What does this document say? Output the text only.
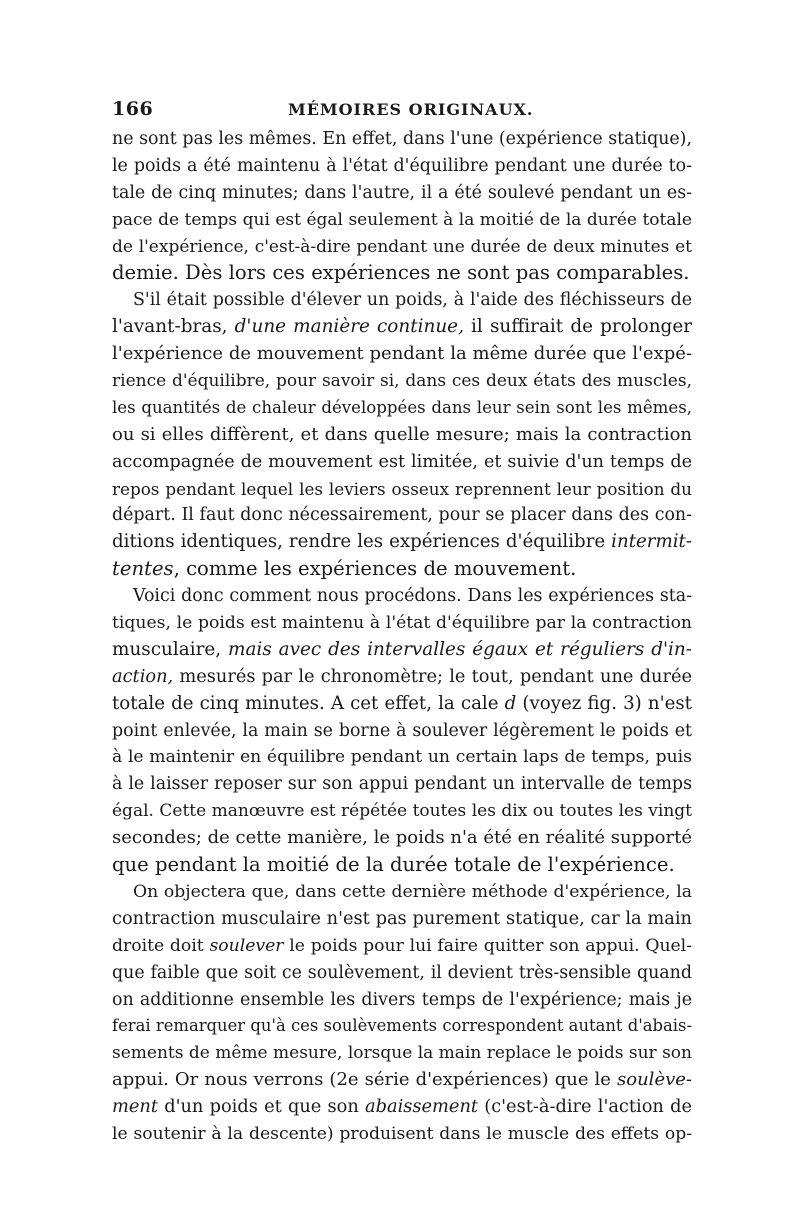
166	MÉMOIRES ORIGINAUX.
ne sont pas les mêmes. En effet, dans l'une (expérience statique),
le poids a été maintenu à l'état d'équilibre pendant une durée to-
tale de cinq minutes; dans l'autre, il a été soulevé pendant un es-
pace de temps qui est égal seulement à la moitié de la durée totale
de l'expérience, c'est-à-dire pendant une durée de deux minutes et
demie. Dès lors ces expériences ne sont pas comparables.
S'il était possible d'élever un poids, à l'aide des fléchisseurs de
l'avant-bras, d'une manière continue, il suffirait de prolonger
l'expérience de mouvement pendant la même durée que l'expé-
rience d'équilibre, pour savoir si, dans ces deux états des muscles,
les quantités de chaleur développées dans leur sein sont les mêmes,
ou si elles diffèrent, et dans quelle mesure; mais la contraction
accompagnée de mouvement est limitée, et suivie d'un temps de
repos pendant lequel les leviers osseux reprennent leur position du
départ. Il faut donc nécessairement, pour se placer dans des con-
ditions identiques, rendre les expériences d'équilibre intermit-
tentes, comme les expériences de mouvement.
Voici donc comment nous procédons. Dans les expériences sta-
tiques, le poids est maintenu à l'état d'équilibre par la contraction
musculaire, mais avec des intervalles égaux et réguliers d'in-
action, mesurés par le chronomètre; le tout, pendant une durée
totale de cinq minutes. A cet effet, la cale d (voyez fig. 3) n'est
point enlevée, la main se borne à soulever légèrement le poids et
à le maintenir en équilibre pendant un certain laps de temps, puis
à le laisser reposer sur son appui pendant un intervalle de temps
égal. Cette manœuvre est répétée toutes les dix ou toutes les vingt
secondes; de cette manière, le poids n'a été en réalité supporté
que pendant la moitié de la durée totale de l'expérience.
On objectera que, dans cette dernière méthode d'expérience, la
contraction musculaire n'est pas purement statique, car la main
droite doit soulever le poids pour lui faire quitter son appui. Quel-
que faible que soit ce soulèvement, il devient très-sensible quand
on additionne ensemble les divers temps de l'expérience; mais je
ferai remarquer qu'à ces soulèvements correspondent autant d'abais-
sements de même mesure, lorsque la main replace le poids sur son
appui. Or nous verrons (2e série d'expériences) que le soulève-
ment d'un poids et que son abaissement (c'est-à-dire l'action de
le soutenir à la descente) produisent dans le muscle des effets op-
